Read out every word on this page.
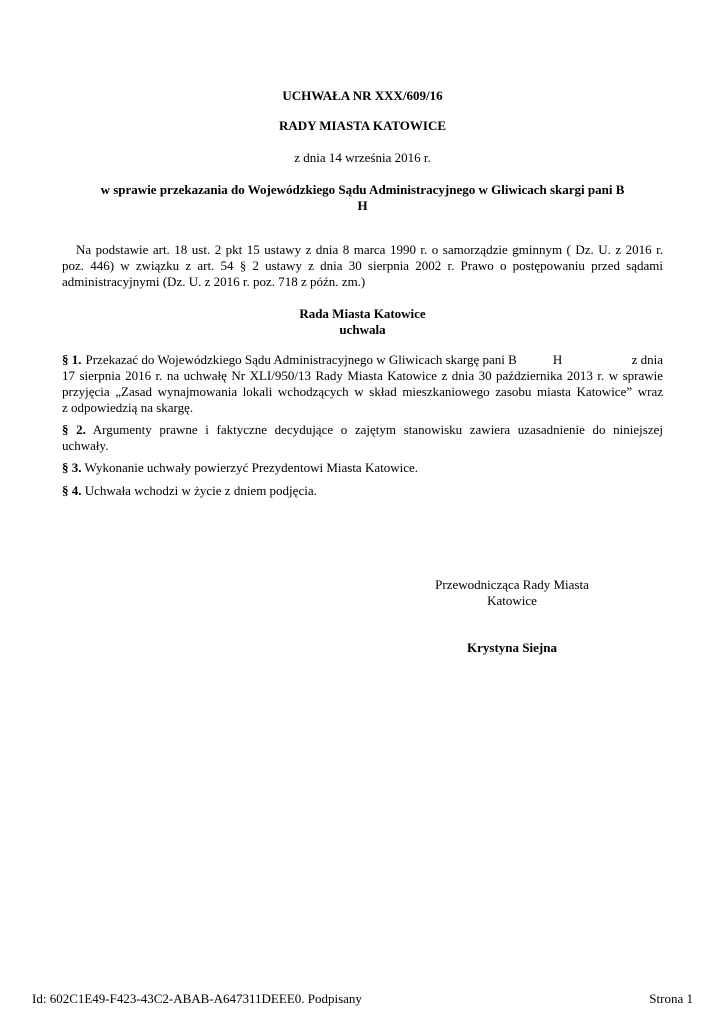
UCHWAŁA NR XXX/609/16
RADY MIASTA KATOWICE
z dnia 14 września 2016 r.
w sprawie przekazania do Wojewódzkiego Sądu Administracyjnego w Gliwicach skargi pani B
H
Na podstawie art. 18 ust. 2 pkt 15 ustawy z dnia 8 marca 1990 r. o samorządzie gminnym ( Dz. U. z 2016 r.
poz. 446) w związku z art. 54 § 2 ustawy z dnia 30 sierpnia 2002 r. Prawo o postępowaniu przed sądami
administracyjnymi (Dz. U. z 2016 r. poz. 718 z późn. zm.)
Rada Miasta Katowice
uchwala
§ 1. Przekazać do Wojewódzkiego Sądu Administracyjnego w Gliwicach skargę pani B	H	z dnia
17 sierpnia 2016 r. na uchwałę Nr XLI/950/13 Rady Miasta Katowice z dnia 30 października 2013 r. w sprawie
przyjęcia „Zasad wynajmowania lokali wchodzących w skład mieszkaniowego zasobu miasta Katowice” wraz
z odpowiedzią na skargę.
§ 2. Argumenty prawne i faktyczne decydujące o zajętym stanowisku zawiera uzasadnienie do niniejszej
uchwały.
§ 3. Wykonanie uchwały powierzyć Prezydentowi Miasta Katowice.
§ 4. Uchwała wchodzi w życie z dniem podjęcia.
Przewodnicząca Rady Miasta
Katowice
Krystyna Siejna
Id: 602C1E49-F423-43C2-ABAB-A647311DEEE0. Podpisany	Strona 1
